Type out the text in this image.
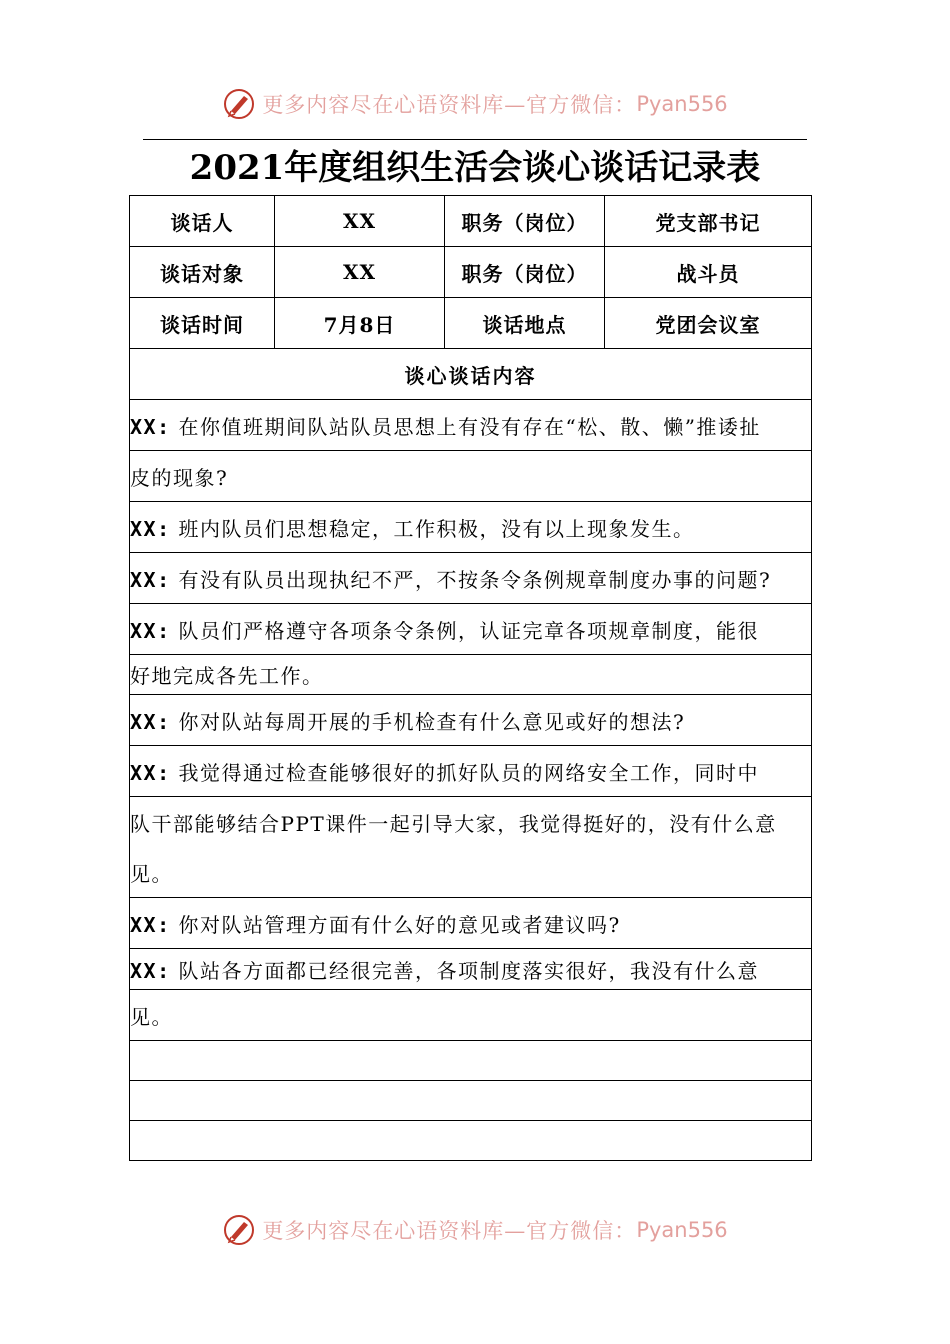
更多内容尽在心语资料库—官方微信： Pyan556
2021年度组织生活会谈心谈话记录表
谈话人	XX	职务（岗位）	党支部书记
谈话对象	XX	职务（岗位）	战斗员
谈话时间	7月8日	谈话地点	党团会议室
谈心谈话内容			
XX: 在你值班期间队站队员思想上有没有存在“松、散、懒”推诿扯			
皮的现象?			
XX: 班内队员们思想稳定，工作积极，没有以上现象发生。			
XX: 有没有队员出现执纪不严，不按条令条例规章制度办事的问题?			
XX: 队员们严格遵守各项条令条例，认证完章各项规章制度，能很			
好地完成各先工作。			
XX: 你对队站每周开展的手机检查有什么意见或好的想法?			
XX: 我觉得通过检查能够很好的抓好队员的网络安全工作，同时中			
队干部能够结合PPT课件一起引导大家，我觉得挺好的，没有什么意			
见。			
XX: 你对队站管理方面有什么好的意见或者建议吗?			
XX: 队站各方面都已经很完善，各项制度落实很好，我没有什么意			
见。			

更多内容尽在心语资料库—官方微信： Pyan556
